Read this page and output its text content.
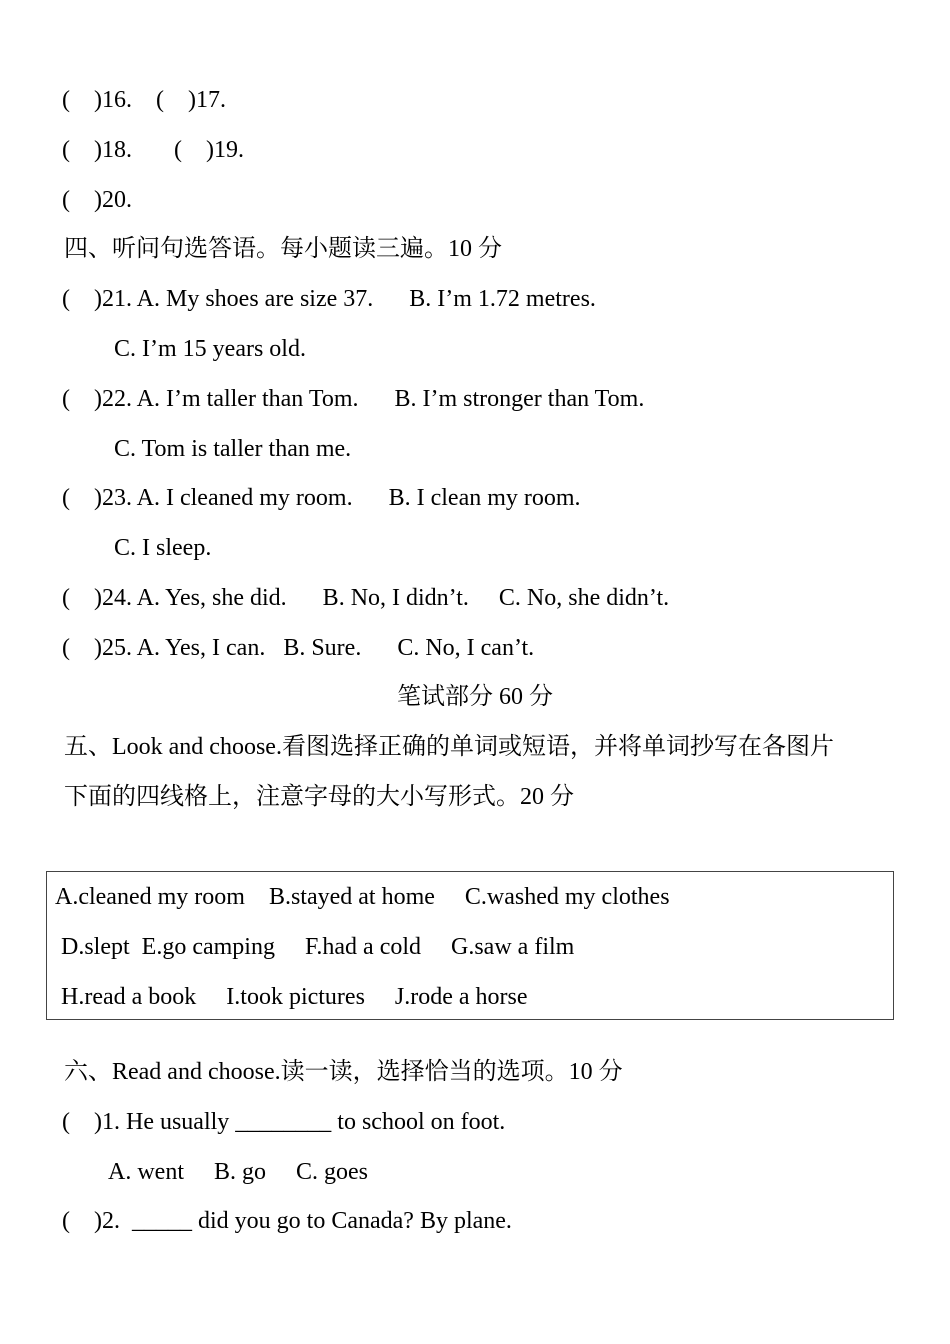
(    )16.    (    )17.
(    )18.       (    )19.
(    )20.
四、听问句选答语。每小题读三遍。10 分
(    )21. A. My shoes are size 37.      B. I’m 1.72 metres.
C. I’m 15 years old.
(    )22. A. I’m taller than Tom.      B. I’m stronger than Tom.
C. Tom is taller than me.
(    )23. A. I cleaned my room.      B. I clean my room.
C. I sleep.
(    )24. A. Yes, she did.      B. No, I didn’t.     C. No, she didn’t.
(    )25. A. Yes, I can.   B. Sure.      C. No, I can’t.
笔试部分 60 分
五、Look and choose.看图选择正确的单词或短语，并将单词抄写在各图片
下面的四线格上，注意字母的大小写形式。20 分
A.cleaned my room    B.stayed at home     C.washed my clothes
D.slept  E.go camping     F.had a cold     G.saw a film
H.read a book     I.took pictures     J.rode a horse
六、Read and choose.读一读，选择恰当的选项。10 分
(    )1. He usually ________ to school on foot.
A. went     B. go     C. goes
(    )2.  _____ did you go to Canada? By plane.
